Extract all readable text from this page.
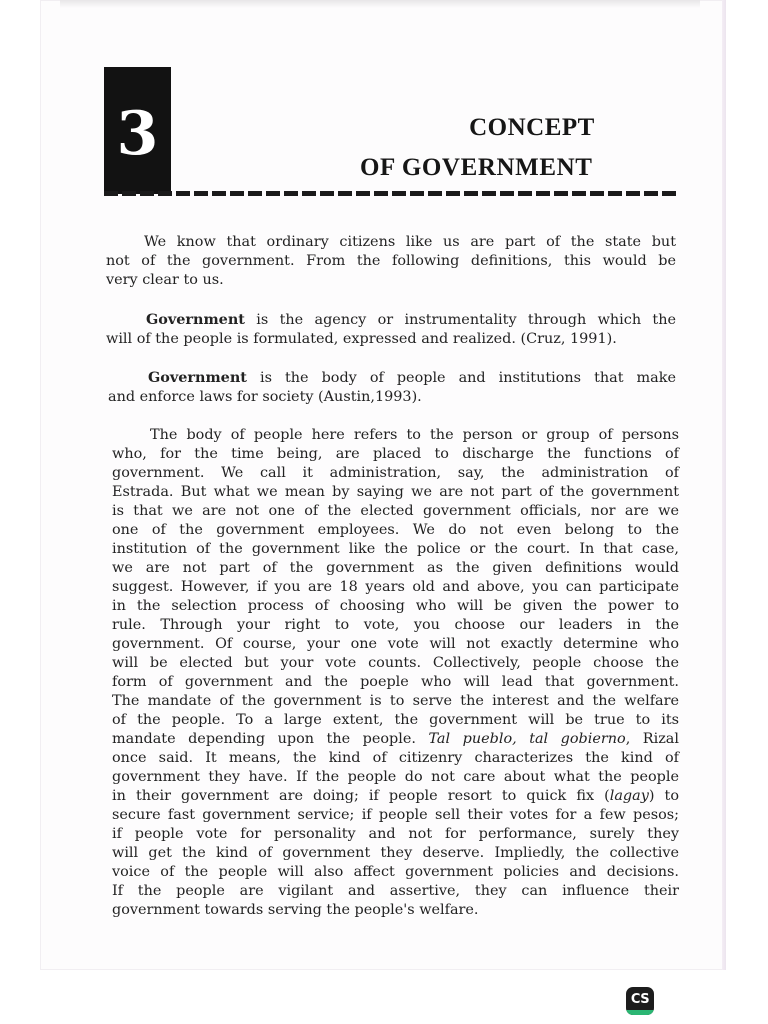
3	CONCEPT
OF GOVERNMENT
We know that ordinary citizens like us are part of the state but
not of the government. From the following definitions, this would be
very clear to us.
Government is the agency or instrumentality through which the
will of the people is formulated, expressed and realized. (Cruz, 1991).
Government is the body of people and institutions that make
and enforce laws for society (Austin,1993).
The body of people here refers to the person or group of persons
who, for the time being, are placed to discharge the functions of
government. We call it administration, say, the administration of
Estrada. But what we mean by saying we are not part of the government
is that we are not one of the elected government officials, nor are we
one of the government employees. We do not even belong to the
institution of the government like the police or the court. In that case,
we are not part of the government as the given definitions would
suggest. However, if you are 18 years old and above, you can participate
in the selection process of choosing who will be given the power to
rule. Through your right to vote, you choose our leaders in the
government. Of course, your one vote will not exactly determine who
will be elected but your vote counts. Collectively, people choose the
form of government and the poeple who will lead that government.
The mandate of the government is to serve the interest and the welfare
of the people. To a large extent, the government will be true to its
mandate depending upon the people. Tal pueblo, tal gobierno, Rizal
once said. It means, the kind of citizenry characterizes the kind of
government they have. If the people do not care about what the people
in their government are doing; if people resort to quick fix (lagay) to
secure fast government service; if people sell their votes for a few pesos;
if people vote for personality and not for performance, surely they
will get the kind of government they deserve. Impliedly, the collective
voice of the people will also affect government policies and decisions.
If the people are vigilant and assertive, they can influence their
government towards serving the people's welfare.
CS
